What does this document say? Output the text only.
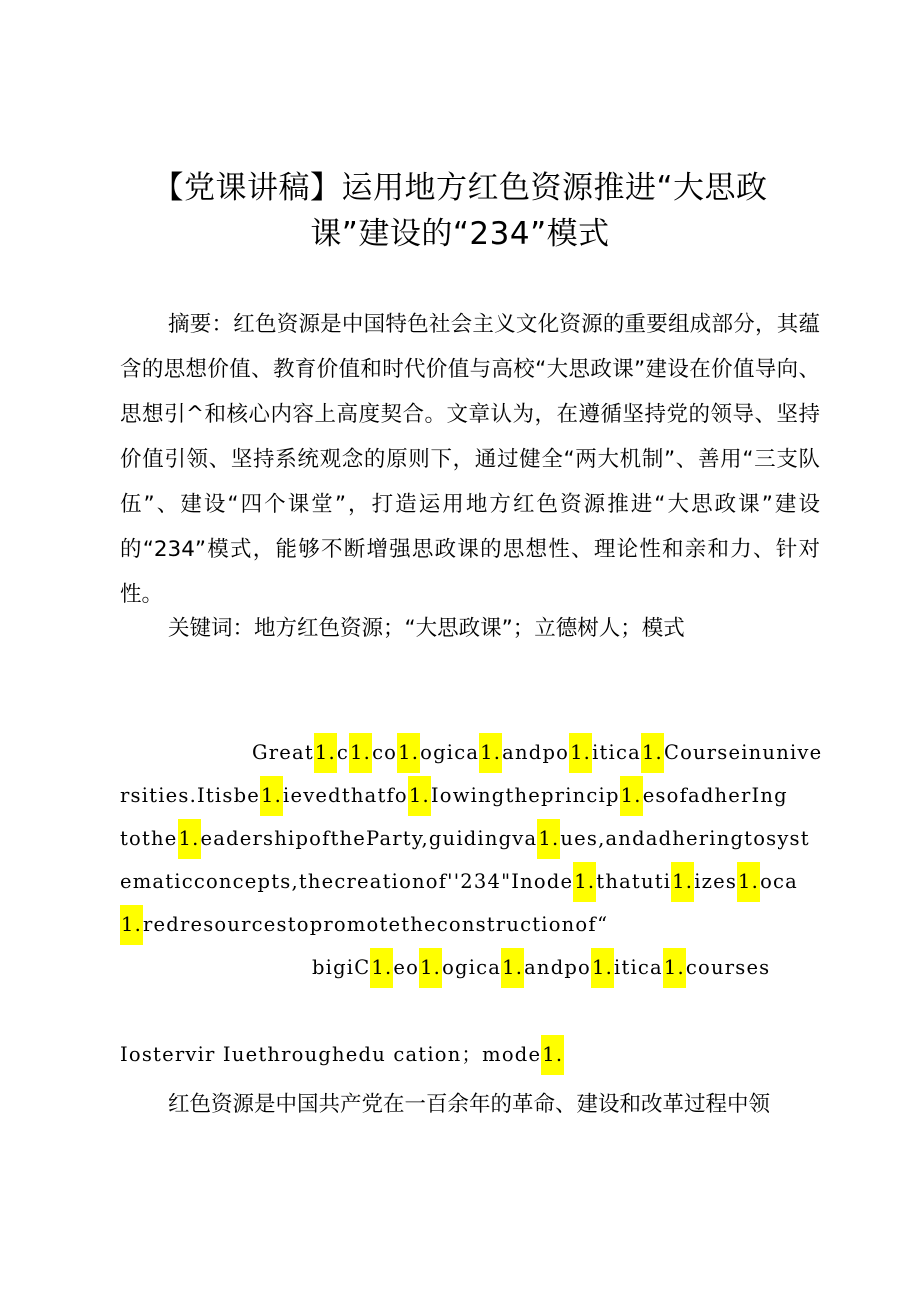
【党课讲稿】运用地方红色资源推进“大思政
课”建设的“234”模式
摘要：红色资源是中国特色社会主义文化资源的重要组成部分，其蕴含的思想价值、教育价值和时代价值与高校“大思政课”建设在价值导向、思想引^和核心内容上高度契合。文章认为，在遵循坚持党的领导、坚持价值引领、坚持系统观念的原则下，通过健全“两大机制”、善用“三支队伍”、建设“四个课堂”，打造运用地方红色资源推进“大思政课”建设的“234”模式，能够不断增强思政课的思想性、理论性和亲和力、针对性。
关键词：地方红色资源；“大思政课”；立德树人；模式
Great1.c1.co1.ogica1.andpo1.itica1.Courseinunive
rsities.Itisbe1.ievedthatfo1.Iowingtheprincip1.esofadherIng
tothe1.eadershipoftheParty,guidingva1.ues,andadheringtosyst
ematicconcepts,thecreationof''234"Inode1.thatuti1.izes1.oca
1.redresourcestopromotetheconstructionof“
bigiC1.eo1.ogica1.andpo1.itica1.courses
Iostervir Iuethroughedu cation；mode1.
红色资源是中国共产党在一百余年的革命、建设和改革过程中领
